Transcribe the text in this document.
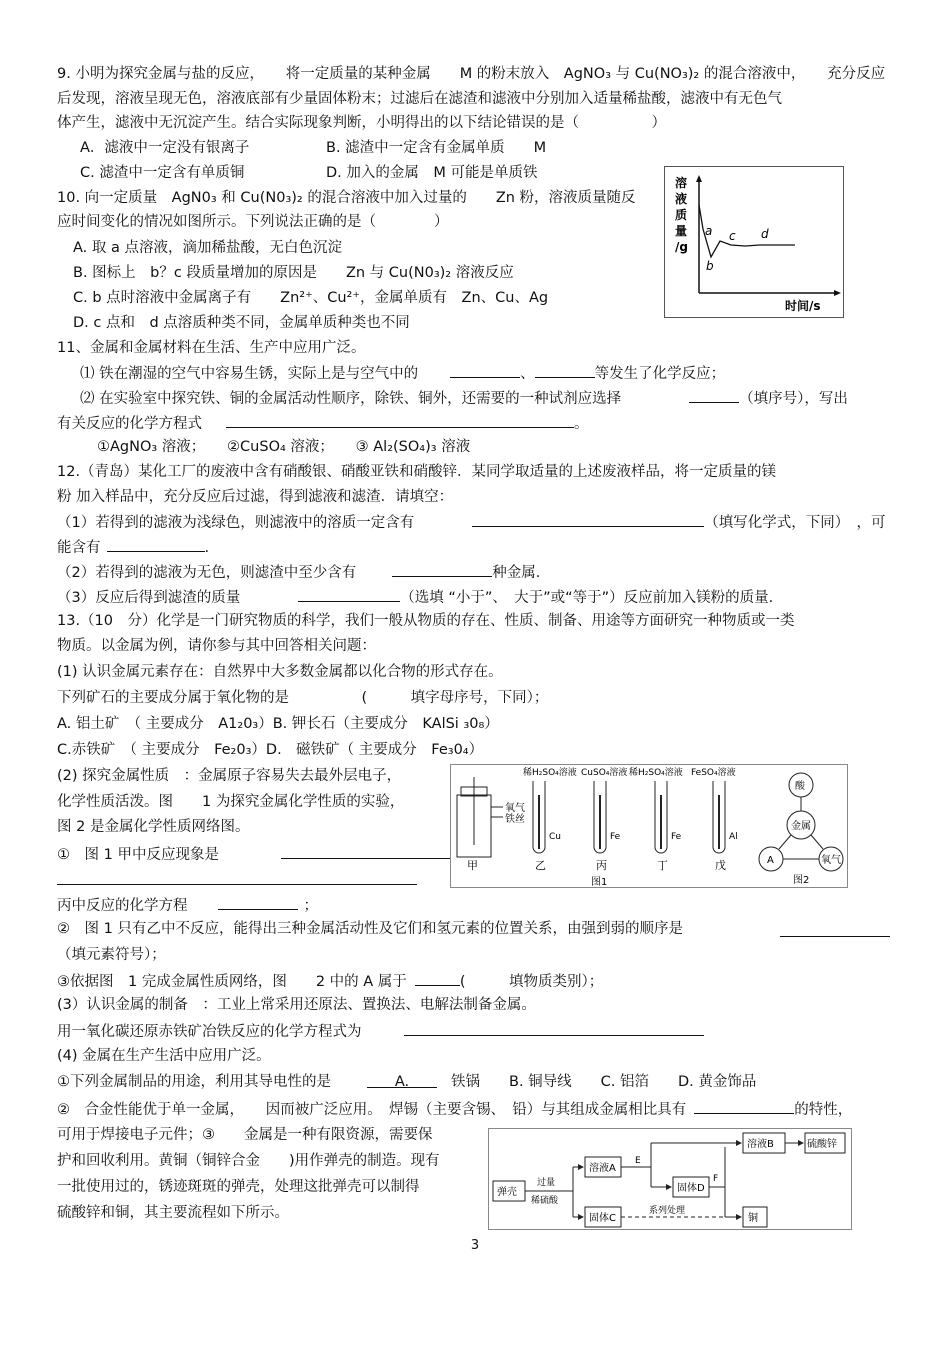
9. 小明为探究金属与盐的反应，　　将一定质量的某种金属　　M 的粉末放入　AgNO₃ 与 Cu(NO₃)₂ 的混合溶液中，　　充分反应
后发现，溶液呈现无色，溶液底部有少量固体粉末；过滤后在滤渣和滤液中分别加入适量稀盐酸，滤液中有无色气
体产生，滤液中无沉淀产生。结合实际现象判断，小明得出的以下结论错误的是（　　　　　）
A．滤液中一定没有银离子	B. 滤渣中一定含有金属单质　　M
C. 滤渣中一定含有单质铜	D. 加入的金属　M 可能是单质铁
10. 向一定质量　AgN0₃ 和 Cu(N0₃)₂ 的混合溶液中加入过量的　　Zn 粉，溶液质量随反
应时间变化的情况如图所示。下列说法正确的是（　　　　）
A. 取 a 点溶液，滴加稀盐酸，无白色沉淀
B. 图标上　b？c 段质量增加的原因是　　Zn 与 Cu(N0₃)₂ 溶液反应
C. b 点时溶液中金属离子有　　Zn²⁺、Cu²⁺，金属单质有　Zn、Cu、Ag
D. c 点和　d 点溶质种类不同，金属单质种类也不同
溶
液
质
量
/g
a
b
c d
时间/s
11、金属和金属材料在生活、生产中应用广泛。
⑴ 铁在潮湿的空气中容易生锈，实际上是与空气中的	、	等发生了化学反应；
⑵ 在实验室中探究铁、铜的金属活动性顺序，除铁、铜外，还需要的一种试剂应选择	（填序号），写出
有关反应的化学方程式	。
①AgNO₃ 溶液；　　②CuSO₄ 溶液；　　③ Al₂(SO₄)₃ 溶液
12.（青岛）某化工厂的废液中含有硝酸银、硝酸亚铁和硝酸锌．某同学取适量的上述废液样品，将一定质量的镁
粉 加入样品中，充分反应后过滤，得到滤液和滤渣．请填空：
（1）若得到的滤液为浅绿色，则滤液中的溶质一定含有	（填写化学式，下同）　，可
能含有	.
（2）若得到的滤液为无色，则滤渣中至少含有	种金属.
（3）反应后得到滤渣的质量	（选填 “小于”、　大于”或“等于”）反应前加入镁粉的质量.
13.（10　分）化学是一门研究物质的科学，我们一般从物质的存在、性质、制备、用途等方面研究一种物质或一类
物质。以金属为例，请你参与其中回答相关问题：
(1) 认识金属元素存在：自然界中大多数金属都以化合物的形式存在。
下列矿石的主要成分属于氧化物的是　　　　　(　　　填字母序号，下同）；
A. 铝土矿　（ 主要成分　A1₂0₃）B. 钾长石（主要成分　KAlSi ₃0₈）
C.赤铁矿　（ 主要成分　Fe₂0₃）D.　磁铁矿（ 主要成分　Fe₃0₄）
(2) 探究金属性质　：金属原子容易失去最外层电子，
化学性质活泼。图　　1 为探究金属化学性质的实验，
图 2 是金属化学性质网络图。
①　图 1 甲中反应现象是
丙中反应的化学方程	；
②　图 1 只有乙中不反应，能得出三种金属活动性及它们和氢元素的位置关系，由强到弱的顺序是
（填元素符号）；
③依据图　1 完成金属性质网络，图　　2 中的 A 属于	(　　　填物质类别）；
(3）认识金属的制备　：工业上常采用还原法、置换法、电解法制备金属。
用一氧化碳还原赤铁矿冶铁反应的化学方程式为
(4) 金属在生产生活中应用广泛。
①下列金属制品的用途，利用其导电性的是	A.	铁锅　　B. 铜导线　　C. 铝箔　　D. 黄金饰品
②　合金性能优于单一金属，　　因而被广泛应用。　焊锡（主要含锡、　铅）与其组成金属相比具有	的特性，
可用于焊接电子元件；③　　金属是一种有限资源，需要保
护和回收利用。黄铜（铜锌合金　　)用作弹壳的制造。现有
一批使用过的，锈迹斑斑的弹壳，处理这批弹壳可以制得
硫酸锌和铜，其主要流程如下所示。
氧气
铁丝
甲
稀H₂SO₄溶液 CuSO₄溶液 稀H₂SO₄溶液 FeSO₄溶液
Cu	Fe	Fe	Al
乙	丙	丁	戊
图1
酸
金属
A	氧气
图2
弹壳
过量
稀硫酸
溶液A
固体C
E
固体D
F
溶液B	硫酸锌
系列处理
铜
3
